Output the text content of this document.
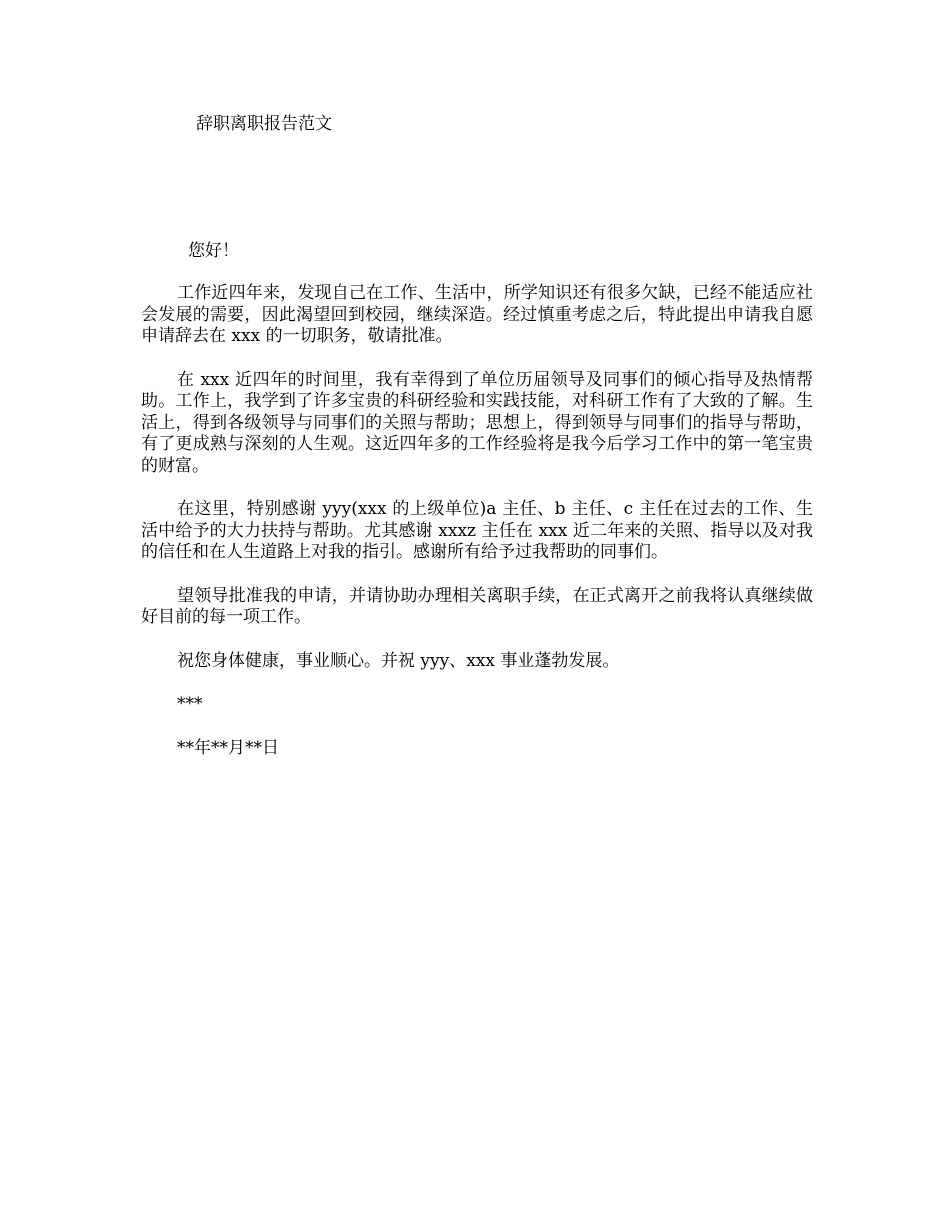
辞职离职报告范文
您好！

工作近四年来，发现自己在工作、生活中，所学知识还有很多欠缺，已经不能适应社会发展的需要，因此渴望回到校园，继续深造。经过慎重考虑之后，特此提出申请我自愿申请辞去在 xxx 的一切职务，敬请批准。

在 xxx 近四年的时间里，我有幸得到了单位历届领导及同事们的倾心指导及热情帮助。工作上，我学到了许多宝贵的科研经验和实践技能，对科研工作有了大致的了解。生活上，得到各级领导与同事们的关照与帮助；思想上，得到领导与同事们的指导与帮助，有了更成熟与深刻的人生观。这近四年多的工作经验将是我今后学习工作中的第一笔宝贵的财富。

在这里，特别感谢 yyy(xxx 的上级单位)a 主任、b 主任、c 主任在过去的工作、生活中给予的大力扶持与帮助。尤其感谢 xxxz 主任在 xxx 近二年来的关照、指导以及对我的信任和在人生道路上对我的指引。感谢所有给予过我帮助的同事们。

望领导批准我的申请，并请协助办理相关离职手续，在正式离开之前我将认真继续做好目前的每一项工作。

祝您身体健康，事业顺心。并祝 yyy、xxx 事业蓬勃发展。

***

**年**月**日
